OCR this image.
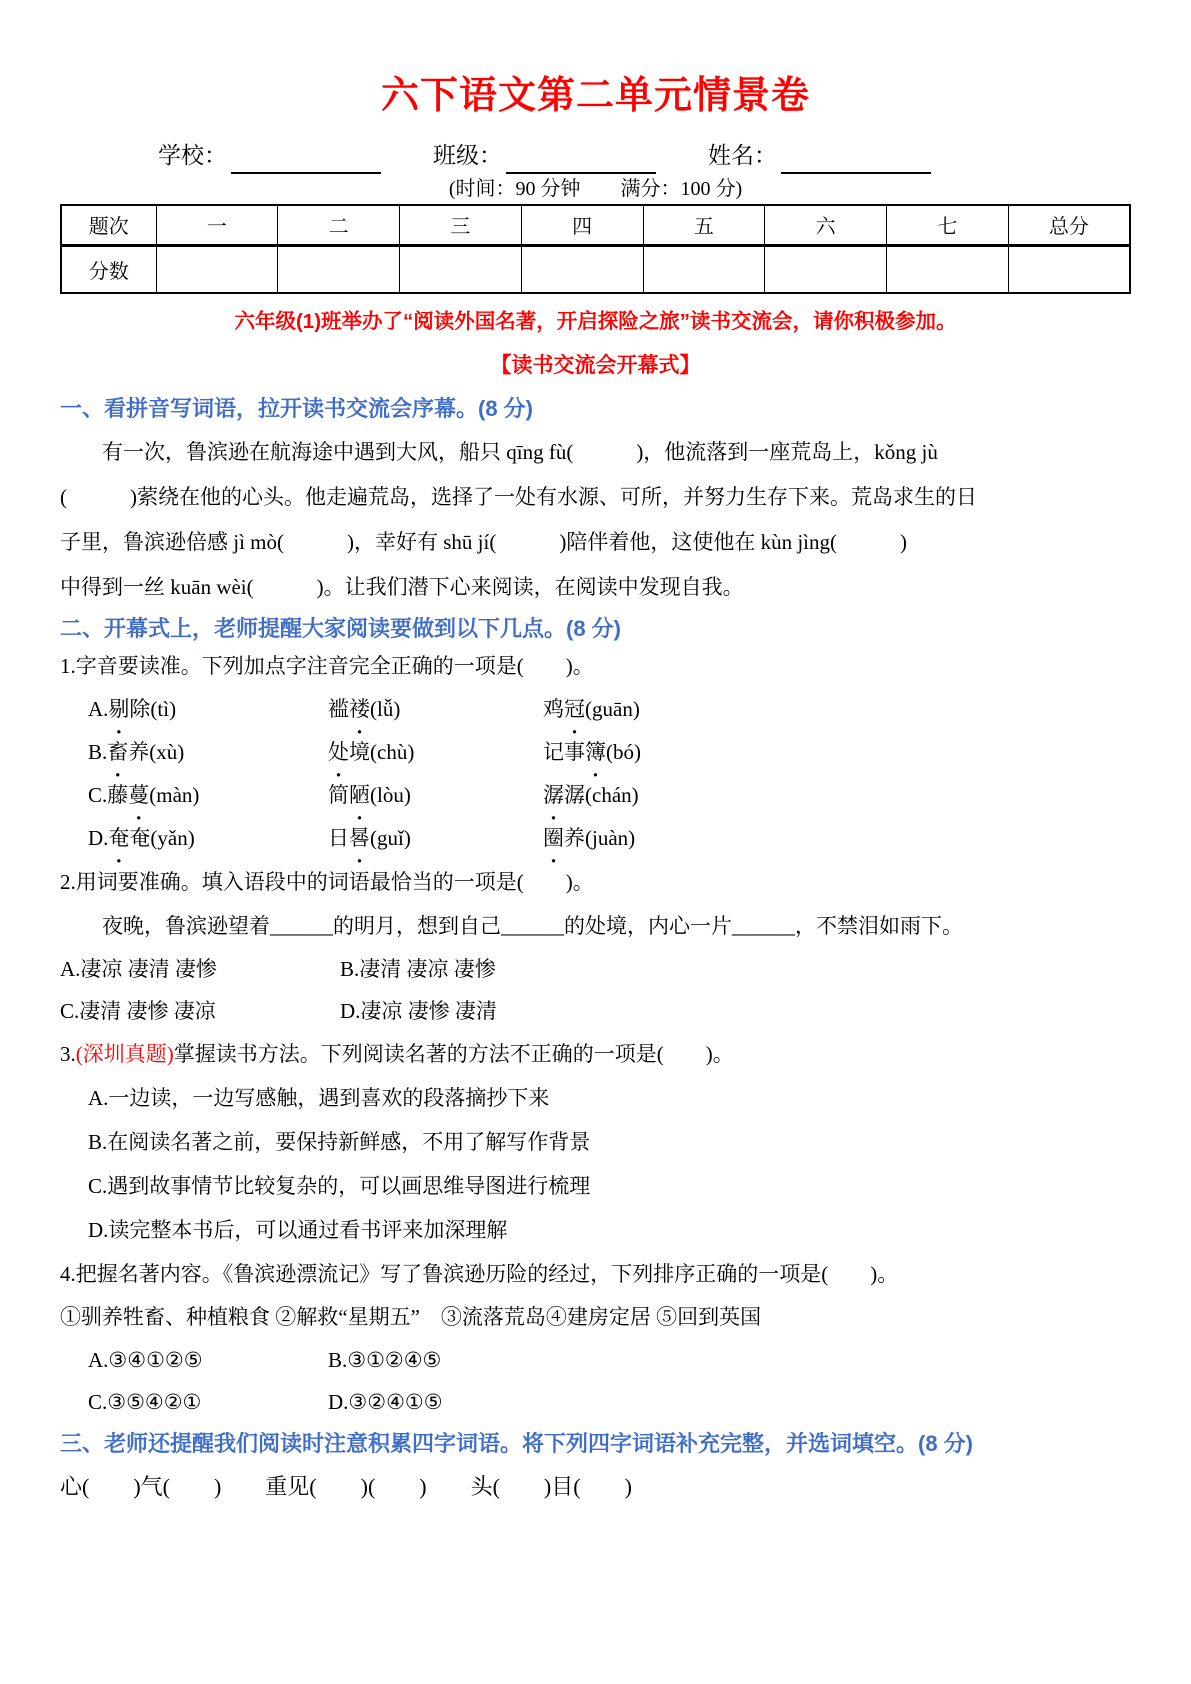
六下语文第二单元情景卷
学校：	班级：	姓名：
(时间：90 分钟　　满分：100 分)
题次	一	二	三	四	五	六	七	总分
分数								
六年级(1)班举办了“阅读外国名著，开启探险之旅”读书交流会，请你积极参加。
【读书交流会开幕式】
一、看拼音写词语，拉开读书交流会序幕。(8 分)
有一次，鲁滨逊在航海途中遇到大风，船只 qīng fù(　　　)，他流落到一座荒岛上，kǒng jù
(　　　)萦绕在他的心头。他走遍荒岛，选择了一处有水源、可所，并努力生存下来。荒岛求生的日
子里，鲁滨逊倍感 jì mò(　　　)，幸好有 shū jí(　　　)陪伴着他，这使他在 kùn jìng(　　　)
中得到一丝 kuān wèi(　　　)。让我们潜下心来阅读，在阅读中发现自我。
二、开幕式上，老师提醒大家阅读要做到以下几点。(8 分)
1.字音要读准。下列加点字注音完全正确的一项是(　　)。
A.剔除(tì)	褴褛(lǚ)	鸡冠(guān)
B.畜养(xù)	处境(chù)	记事簿(bó)
C.藤蔓(màn)	简陋(lòu)	潺潺(chán)
D.奄奄(yǎn)	日晷(guǐ)	圈养(juàn)
2.用词要准确。填入语段中的词语最恰当的一项是(　　)。
夜晚，鲁滨逊望着______的明月，想到自己______的处境，内心一片______，不禁泪如雨下。
A.凄凉 凄清 凄惨	B.凄清 凄凉 凄惨
C.凄清 凄惨 凄凉	D.凄凉 凄惨 凄清
3.(深圳真题)掌握读书方法。下列阅读名著的方法不正确的一项是(　　)。
A.一边读，一边写感触，遇到喜欢的段落摘抄下来
B.在阅读名著之前，要保持新鲜感，不用了解写作背景
C.遇到故事情节比较复杂的，可以画思维导图进行梳理
D.读完整本书后，可以通过看书评来加深理解
4.把握名著内容。《鲁滨逊漂流记》写了鲁滨逊历险的经过，下列排序正确的一项是(　　)。
①驯养牲畜、种植粮食 ②解救“星期五”　③流落荒岛④建房定居 ⑤回到英国
A.③④①②⑤	B.③①②④⑤
C.③⑤④②①	D.③②④①⑤
三、老师还提醒我们阅读时注意积累四字词语。将下列四字词语补充完整，并选词填空。(8 分)
心(　　)气(　　)　　重见(　　)(　　)　　头(　　)目(　　)
